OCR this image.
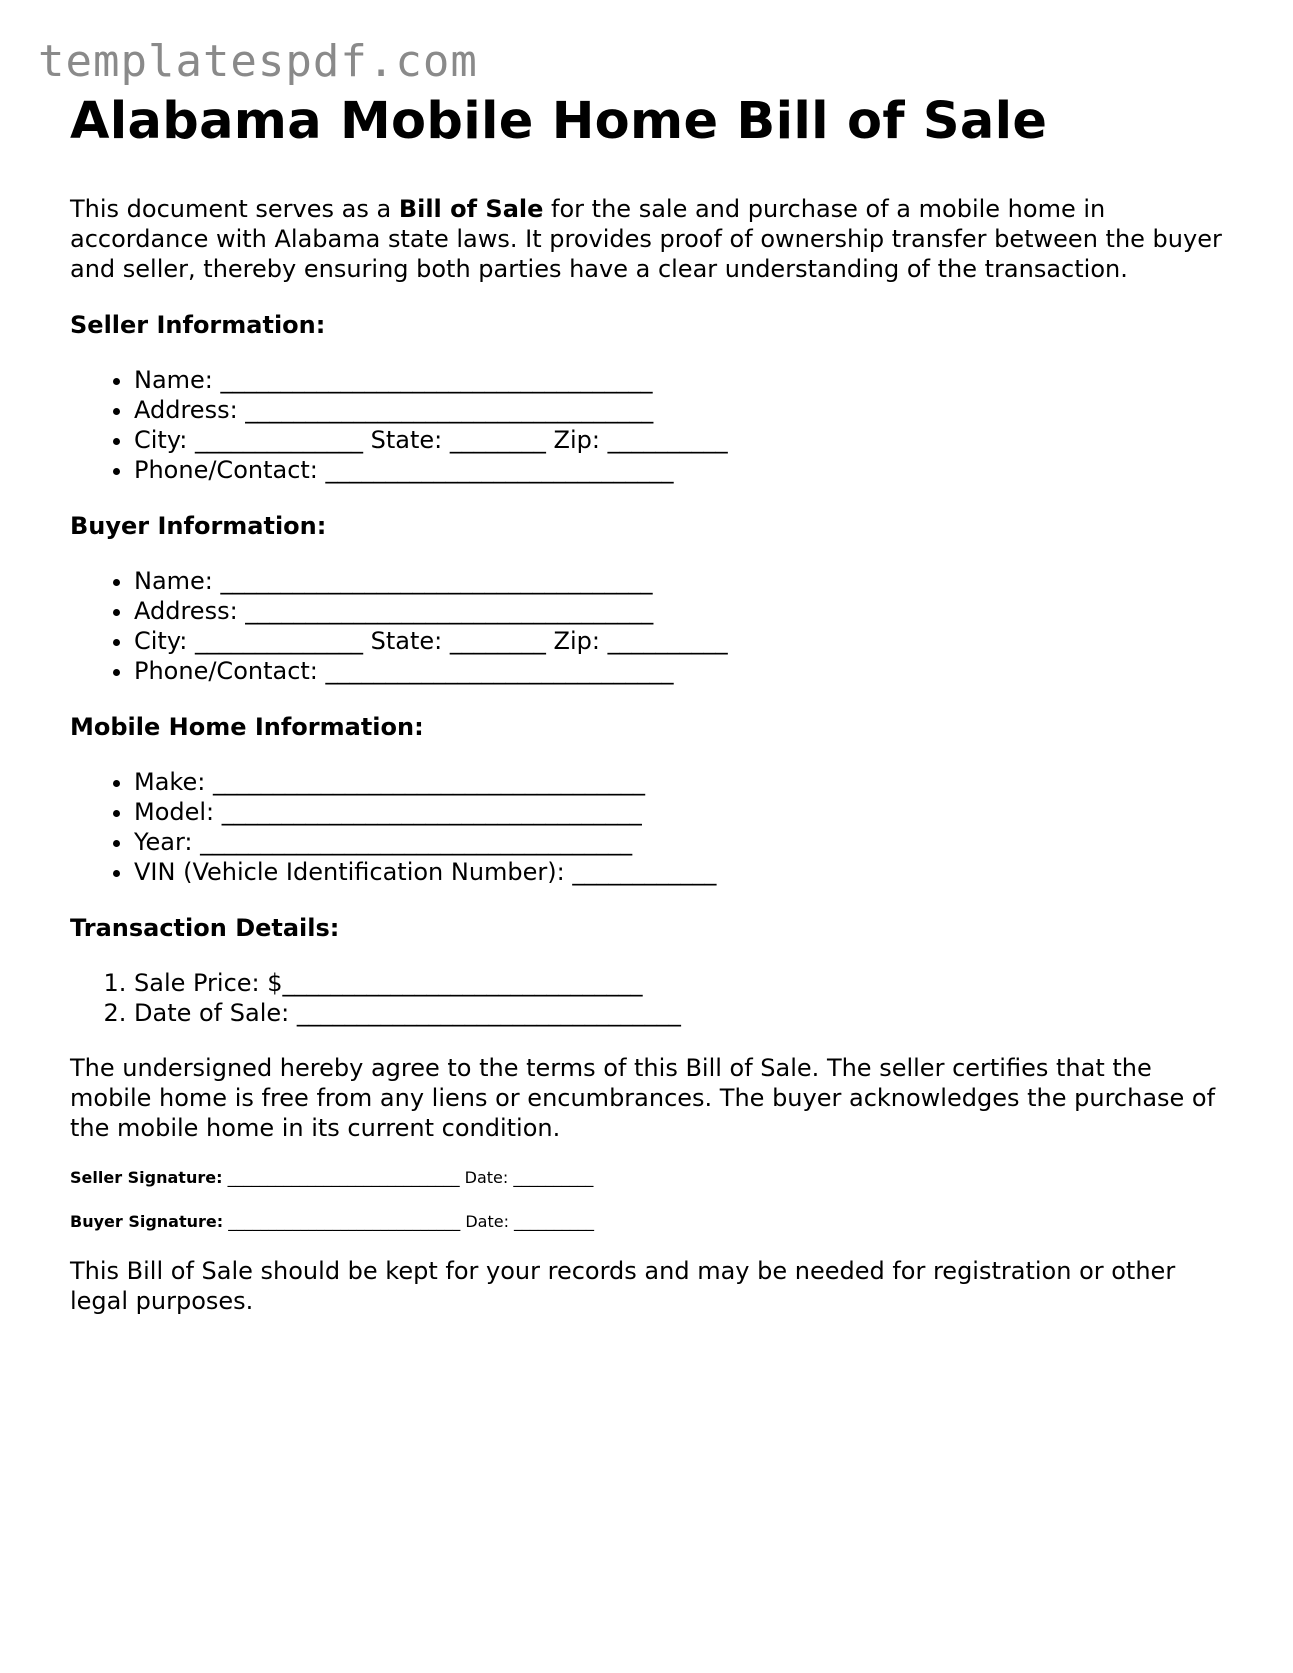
templatespdf.com
Alabama Mobile Home Bill of Sale

This document serves as a Bill of Sale for the sale and purchase of a mobile home in accordance with Alabama state laws. It provides proof of ownership transfer between the buyer and seller, thereby ensuring both parties have a clear understanding of the transaction.

Seller Information:
• Name: ____________________________________
• Address: __________________________________
• City: ______________ State: ________ Zip: __________
• Phone/Contact: _____________________________
Buyer Information:
• Name: ____________________________________
• Address: __________________________________
• City: ______________ State: ________ Zip: __________
• Phone/Contact: _____________________________
Mobile Home Information:
• Make: ____________________________________
• Model: ___________________________________
• Year: ____________________________________
• VIN (Vehicle Identification Number): ____________
Transaction Details:
1. Sale Price: $______________________________
2. Date of Sale: ________________________________

The undersigned hereby agree to the terms of this Bill of Sale. The seller certifies that the mobile home is free from any liens or encumbrances. The buyer acknowledges the purchase of the mobile home in its current condition.

Seller Signature: _____________________________ Date: __________
Buyer Signature: _____________________________ Date: __________

This Bill of Sale should be kept for your records and may be needed for registration or other legal purposes.
